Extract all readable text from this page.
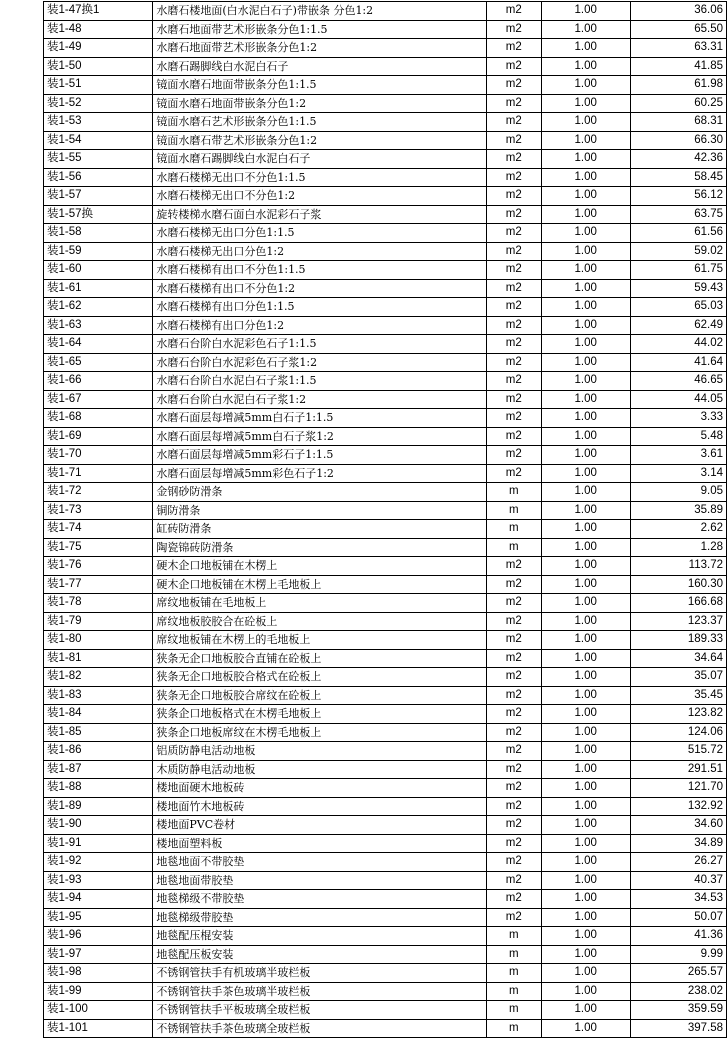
装1-47换1	水磨石楼地面(白水泥白石子)带嵌条 分色1:2	m2	1.00	36.06
装1-48	水磨石地面带艺术形嵌条分色1:1.5	m2	1.00	65.50
装1-49	水磨石地面带艺术形嵌条分色1:2	m2	1.00	63.31
装1-50	水磨石踢脚线白水泥白石子	m2	1.00	41.85
装1-51	镜面水磨石地面带嵌条分色1:1.5	m2	1.00	61.98
装1-52	镜面水磨石地面带嵌条分色1:2	m2	1.00	60.25
装1-53	镜面水磨石艺术形嵌条分色1:1.5	m2	1.00	68.31
装1-54	镜面水磨石带艺术形嵌条分色1:2	m2	1.00	66.30
装1-55	镜面水磨石踢脚线白水泥白石子	m2	1.00	42.36
装1-56	水磨石楼梯无出口不分色1:1.5	m2	1.00	58.45
装1-57	水磨石楼梯无出口不分色1:2	m2	1.00	56.12
装1-57换	旋转楼梯水磨石面白水泥彩石子浆	m2	1.00	63.75
装1-58	水磨石楼梯无出口分色1:1.5	m2	1.00	61.56
装1-59	水磨石楼梯无出口分色1:2	m2	1.00	59.02
装1-60	水磨石楼梯有出口不分色1:1.5	m2	1.00	61.75
装1-61	水磨石楼梯有出口不分色1:2	m2	1.00	59.43
装1-62	水磨石楼梯有出口分色1:1.5	m2	1.00	65.03
装1-63	水磨石楼梯有出口分色1:2	m2	1.00	62.49
装1-64	水磨石台阶白水泥彩色石子1:1.5	m2	1.00	44.02
装1-65	水磨石台阶白水泥彩色石子浆1:2	m2	1.00	41.64
装1-66	水磨石台阶白水泥白石子浆1:1.5	m2	1.00	46.65
装1-67	水磨石台阶白水泥白石子浆1:2	m2	1.00	44.05
装1-68	水磨石面层每增减5mm白石子1:1.5	m2	1.00	3.33
装1-69	水磨石面层每增减5mm白石子浆1:2	m2	1.00	5.48
装1-70	水磨石面层每增减5mm彩石子1:1.5	m2	1.00	3.61
装1-71	水磨石面层每增减5mm彩色石子1:2	m2	1.00	3.14
装1-72	金钢砂防滑条	m	1.00	9.05
装1-73	铜防滑条	m	1.00	35.89
装1-74	缸砖防滑条	m	1.00	2.62
装1-75	陶瓷锦砖防滑条	m	1.00	1.28
装1-76	硬木企口地板铺在木楞上	m2	1.00	113.72
装1-77	硬木企口地板铺在木楞上毛地板上	m2	1.00	160.30
装1-78	席纹地板铺在毛地板上	m2	1.00	166.68
装1-79	席纹地板胶胶合在砼板上	m2	1.00	123.37
装1-80	席纹地板铺在木楞上的毛地板上	m2	1.00	189.33
装1-81	狭条无企口地板胶合直铺在砼板上	m2	1.00	34.64
装1-82	狭条无企口地板胶合格式在砼板上	m2	1.00	35.07
装1-83	狭条无企口地板胶合席纹在砼板上	m2	1.00	35.45
装1-84	狭条企口地板格式在木楞毛地板上	m2	1.00	123.82
装1-85	狭条企口地板席纹在木楞毛地板上	m2	1.00	124.06
装1-86	铝质防静电活动地板	m2	1.00	515.72
装1-87	木质防静电活动地板	m2	1.00	291.51
装1-88	楼地面硬木地板砖	m2	1.00	121.70
装1-89	楼地面竹木地板砖	m2	1.00	132.92
装1-90	楼地面PVC卷材	m2	1.00	34.60
装1-91	楼地面塑料板	m2	1.00	34.89
装1-92	地毯地面不带胶垫	m2	1.00	26.27
装1-93	地毯地面带胶垫	m2	1.00	40.37
装1-94	地毯梯级不带胶垫	m2	1.00	34.53
装1-95	地毯梯级带胶垫	m2	1.00	50.07
装1-96	地毯配压棍安装	m	1.00	41.36
装1-97	地毯配压板安装	m	1.00	9.99
装1-98	不锈钢管扶手有机玻璃半玻栏板	m	1.00	265.57
装1-99	不锈钢管扶手茶色玻璃半玻栏板	m	1.00	238.02
装1-100	不锈钢管扶手平板玻璃全玻栏板	m	1.00	359.59
装1-101	不锈钢管扶手茶色玻璃全玻栏板	m	1.00	397.58
